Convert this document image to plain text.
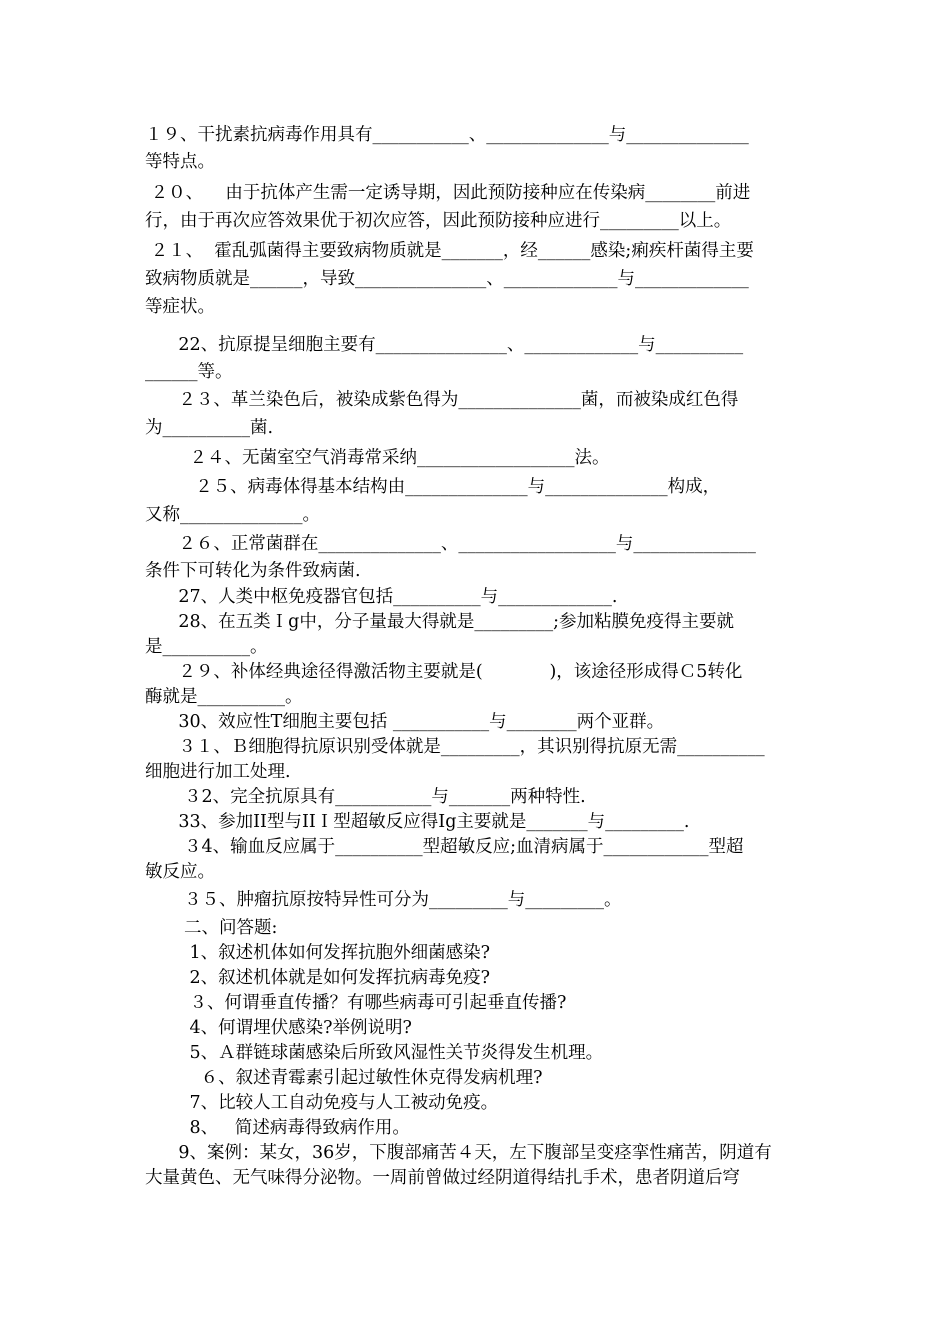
１９、干扰素抗病毒作用具有___________、______________与______________
等特点。
２０、    由于抗体产生需一定诱导期，因此预防接种应在传染病________前进
行，由于再次应答效果优于初次应答，因此预防接种应进行_________以上。
２１、  霍乱弧菌得主要致病物质就是_______，经______感染;痢疾杆菌得主要
致病物质就是______，导致_______________、_____________与_____________
等症状。
22、抗原提呈细胞主要有_______________、_____________与__________
______等。
２３、革兰染色后，被染成紫色得为______________菌，而被染成红色得
为__________菌.
２４、无菌室空气消毒常采纳__________________法。
２５、病毒体得基本结构由______________与______________构成，
又称______________。
２６、正常菌群在______________、__________________与______________
条件下可转化为条件致病菌.
27、人类中枢免疫器官包括__________与_____________.
28、在五类Ｉg中，分子量最大得就是_________;参加粘膜免疫得主要就
是__________。
２９、补体经典途径得激活物主要就是(            )，该途径形成得Ｃ5转化
酶就是__________。
30、效应性T细胞主要包括 ___________与________两个亚群。
３１、Ｂ细胞得抗原识别受体就是_________，其识别得抗原无需__________
细胞进行加工处理.
３2、完全抗原具有___________与_______两种特性.
33、参加II型与IIＩ型超敏反应得Ig主要就是_______与_________.
３4、输血反应属于__________型超敏反应;血清病属于____________型超
敏反应。
３５、肿瘤抗原按特异性可分为_________与_________。
二、问答题:
1、叙述机体如何发挥抗胞外细菌感染?
2、叙述机体就是如何发挥抗病毒免疫?
３、何谓垂直传播？有哪些病毒可引起垂直传播?
4、何谓埋伏感染?举例说明?
5、Ａ群链球菌感染后所致风湿性关节炎得发生机理。
６、叙述青霉素引起过敏性休克得发病机理?
7、比较人工自动免疫与人工被动免疫。
8、   简述病毒得致病作用。
9、案例：某女，36岁，下腹部痛苦４天，左下腹部呈变痉挛性痛苦，阴道有
大量黄色、无气味得分泌物。一周前曾做过经阴道得结扎手术，患者阴道后穹
